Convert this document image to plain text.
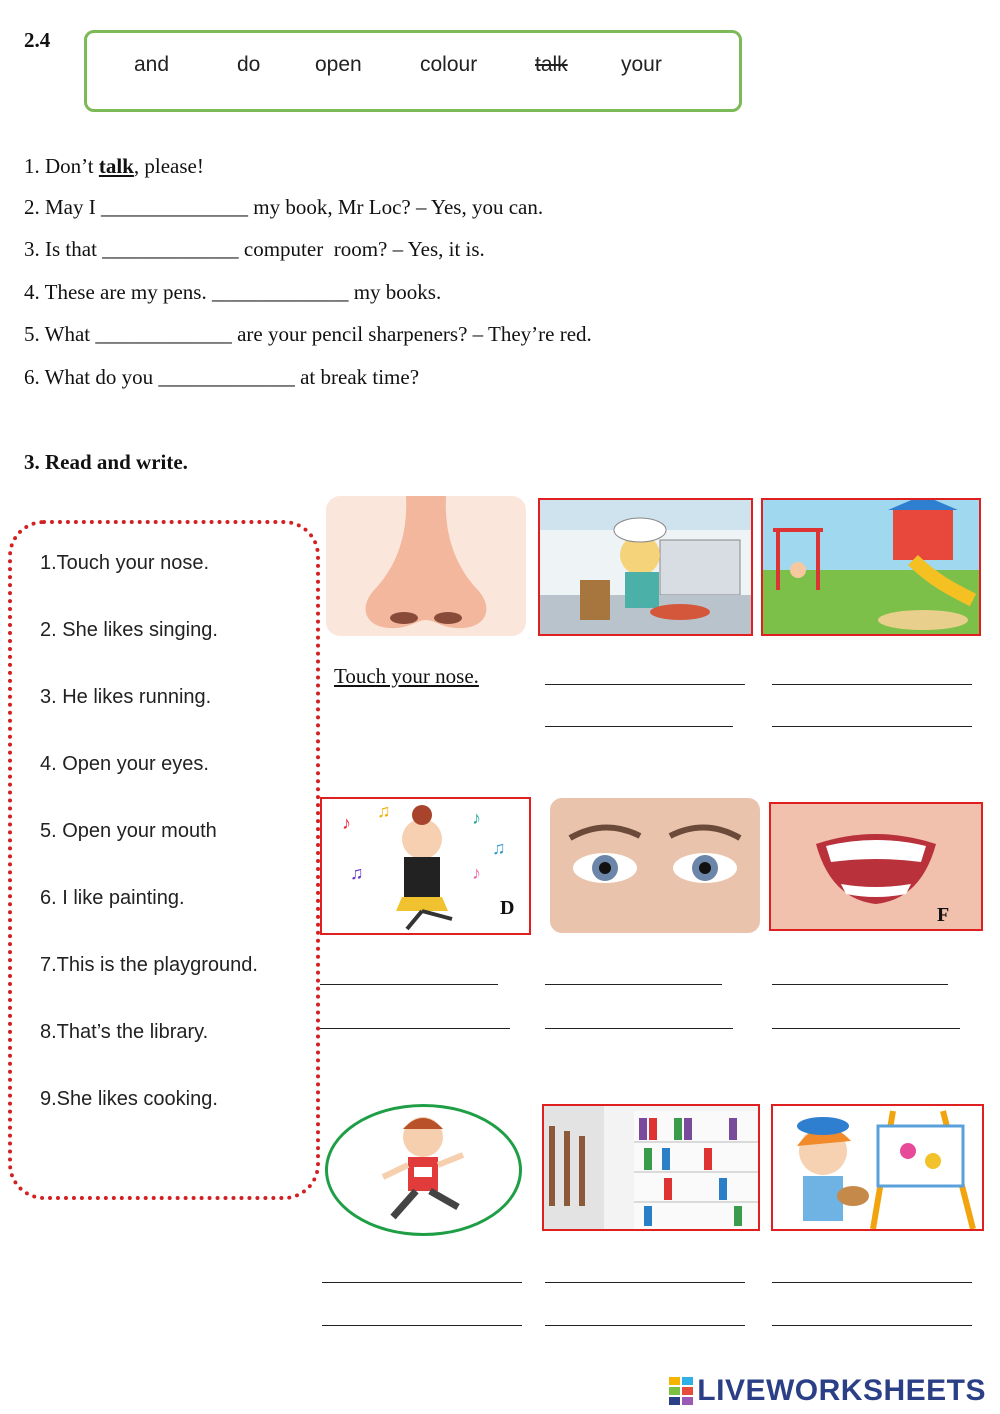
2.4
and	do	open	colour	talk	your
1. Don’t talk, please!
2. May I ______________ my book, Mr Loc? – Yes, you can.
3. Is that _____________ computer  room? – Yes, it is.
4. These are my pens. _____________ my books.
5. What _____________ are your pencil sharpeners? – They’re red.
6. What do you _____________ at break time?
3. Read and write.
1.Touch your nose.
2. She likes singing.
3. He likes running.
4. Open your eyes.
5. Open your mouth
6. I like painting.
7.This is the playground.
8.That’s the library.
9.She likes cooking.
Touch your nose.
♪
♫	♪
♫
♫	♪
D	F
LIVEWORKSHEETS
